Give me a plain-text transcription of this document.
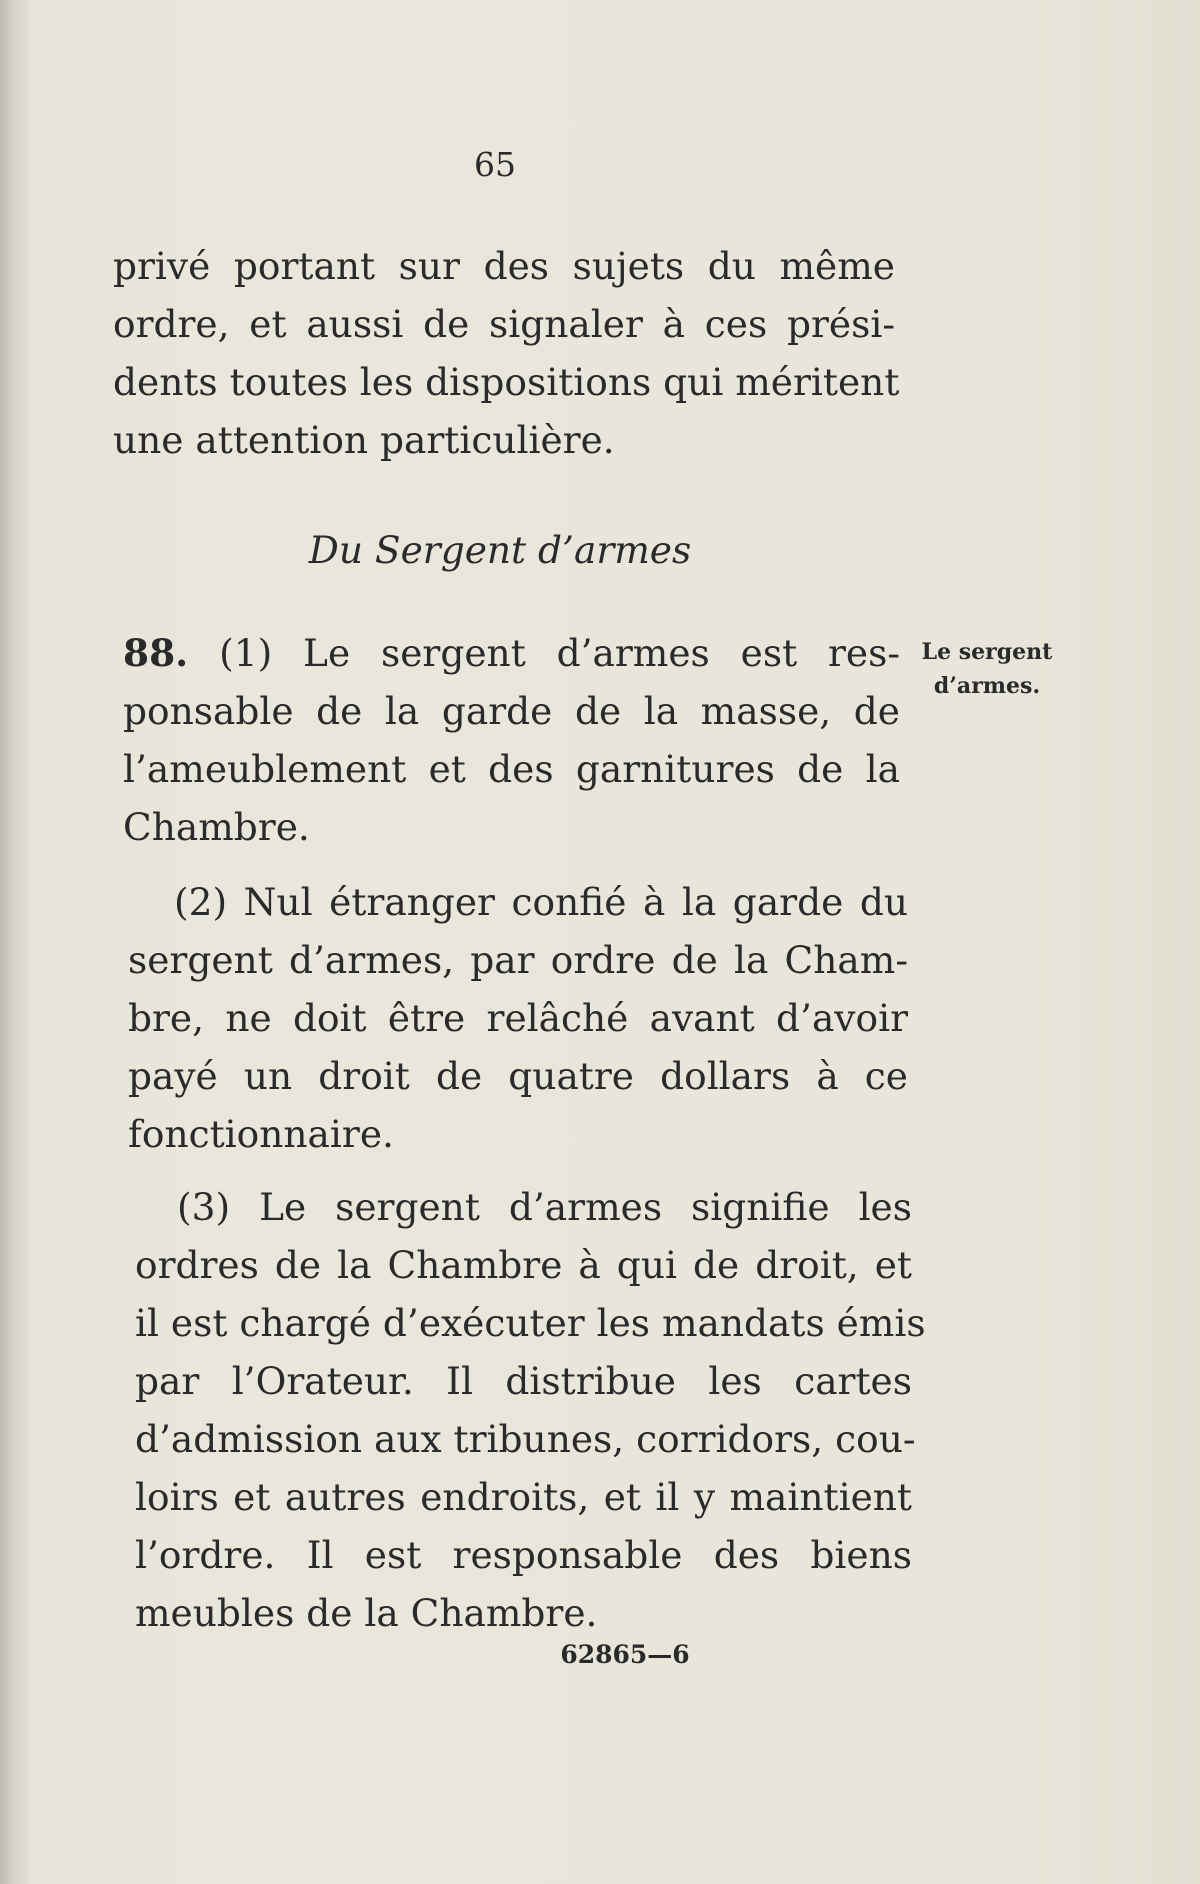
65
privé portant sur des sujets du même
ordre, et aussi de signaler à ces prési-
dents toutes les dispositions qui méritent
une attention particulière.
Du Sergent d’armes
88. (1) Le sergent d’armes est res-
ponsable de la garde de la masse, de
l’ameublement et des garnitures de la
Chambre.
Le sergent
d’armes.
(2) Nul étranger confié à la garde du
sergent d’armes, par ordre de la Cham-
bre, ne doit être relâché avant d’avoir
payé un droit de quatre dollars à ce
fonctionnaire.
(3) Le sergent d’armes signifie les
ordres de la Chambre à qui de droit, et
il est chargé d’exécuter les mandats émis
par l’Orateur. Il distribue les cartes
d’admission aux tribunes, corridors, cou-
loirs et autres endroits, et il y maintient
l’ordre. Il est responsable des biens
meubles de la Chambre.
62865—6
